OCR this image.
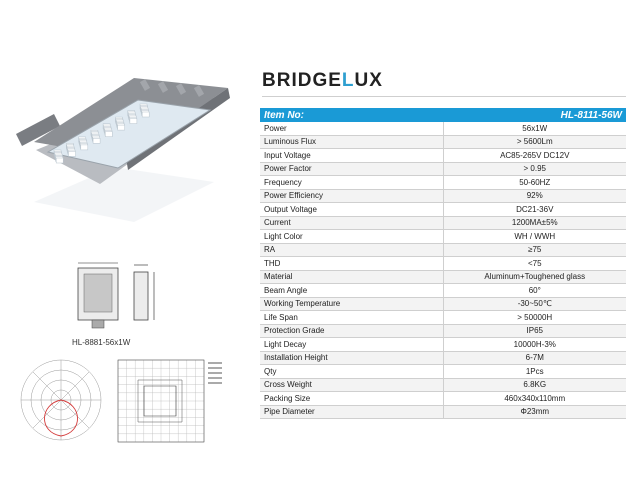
HL-8881-56x1W
BRIDGELUX
Item No:	HL-8111-56W
Power	56x1W
Luminous Flux	> 5600Lm
Input Voltage	AC85-265V DC12V
Power Factor	> 0.95
Frequency	50-60HZ
Power Efficiency	92%
Output Voltage	DC21-36V
Current	1200MA±5%
Light Color	WH / WWH
RA	≥75
THD	<75
Material	Aluminum+Toughened glass
Beam Angle	60°
Working Temperature	-30~50℃
Life Span	> 50000H
Protection Grade	IP65
Light Decay	10000H-3%
Installation Height	6-7M
Qty	1Pcs
Cross Weight	6.8KG
Packing Size	460x340x110mm
Pipe Diameter	Φ23mm
